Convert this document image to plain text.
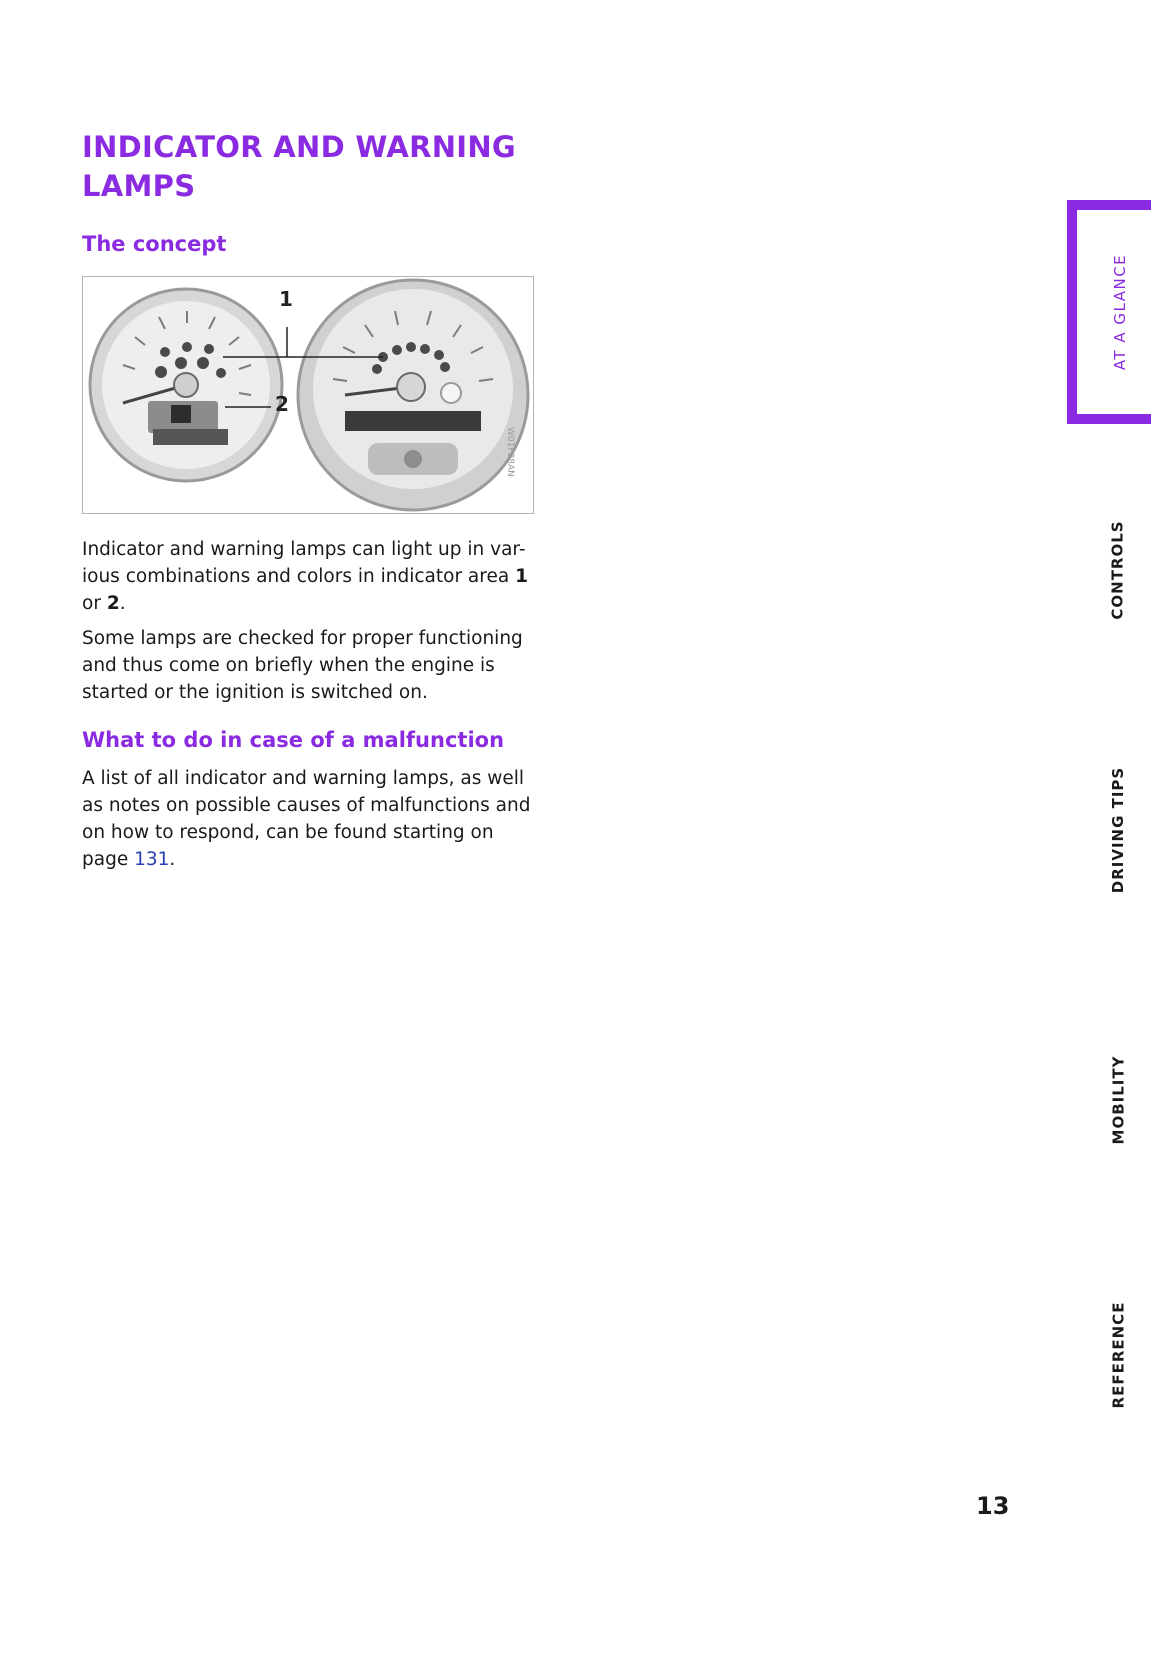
INDICATOR AND WARNING LAMPS
The concept
1
2
W01F08AN

Indicator and warning lamps can light up in var-ious combinations and colors in indicator area 1 or 2.

Some lamps are checked for proper functioning and thus come on briefly when the engine is started or the ignition is switched on.

What to do in case of a malfunction

A list of all indicator and warning lamps, as well as notes on possible causes of malfunctions and on how to respond, can be found starting on page 131.

AT A GLANCE
CONTROLS
DRIVING TIPS
MOBILITY
REFERENCE
13
